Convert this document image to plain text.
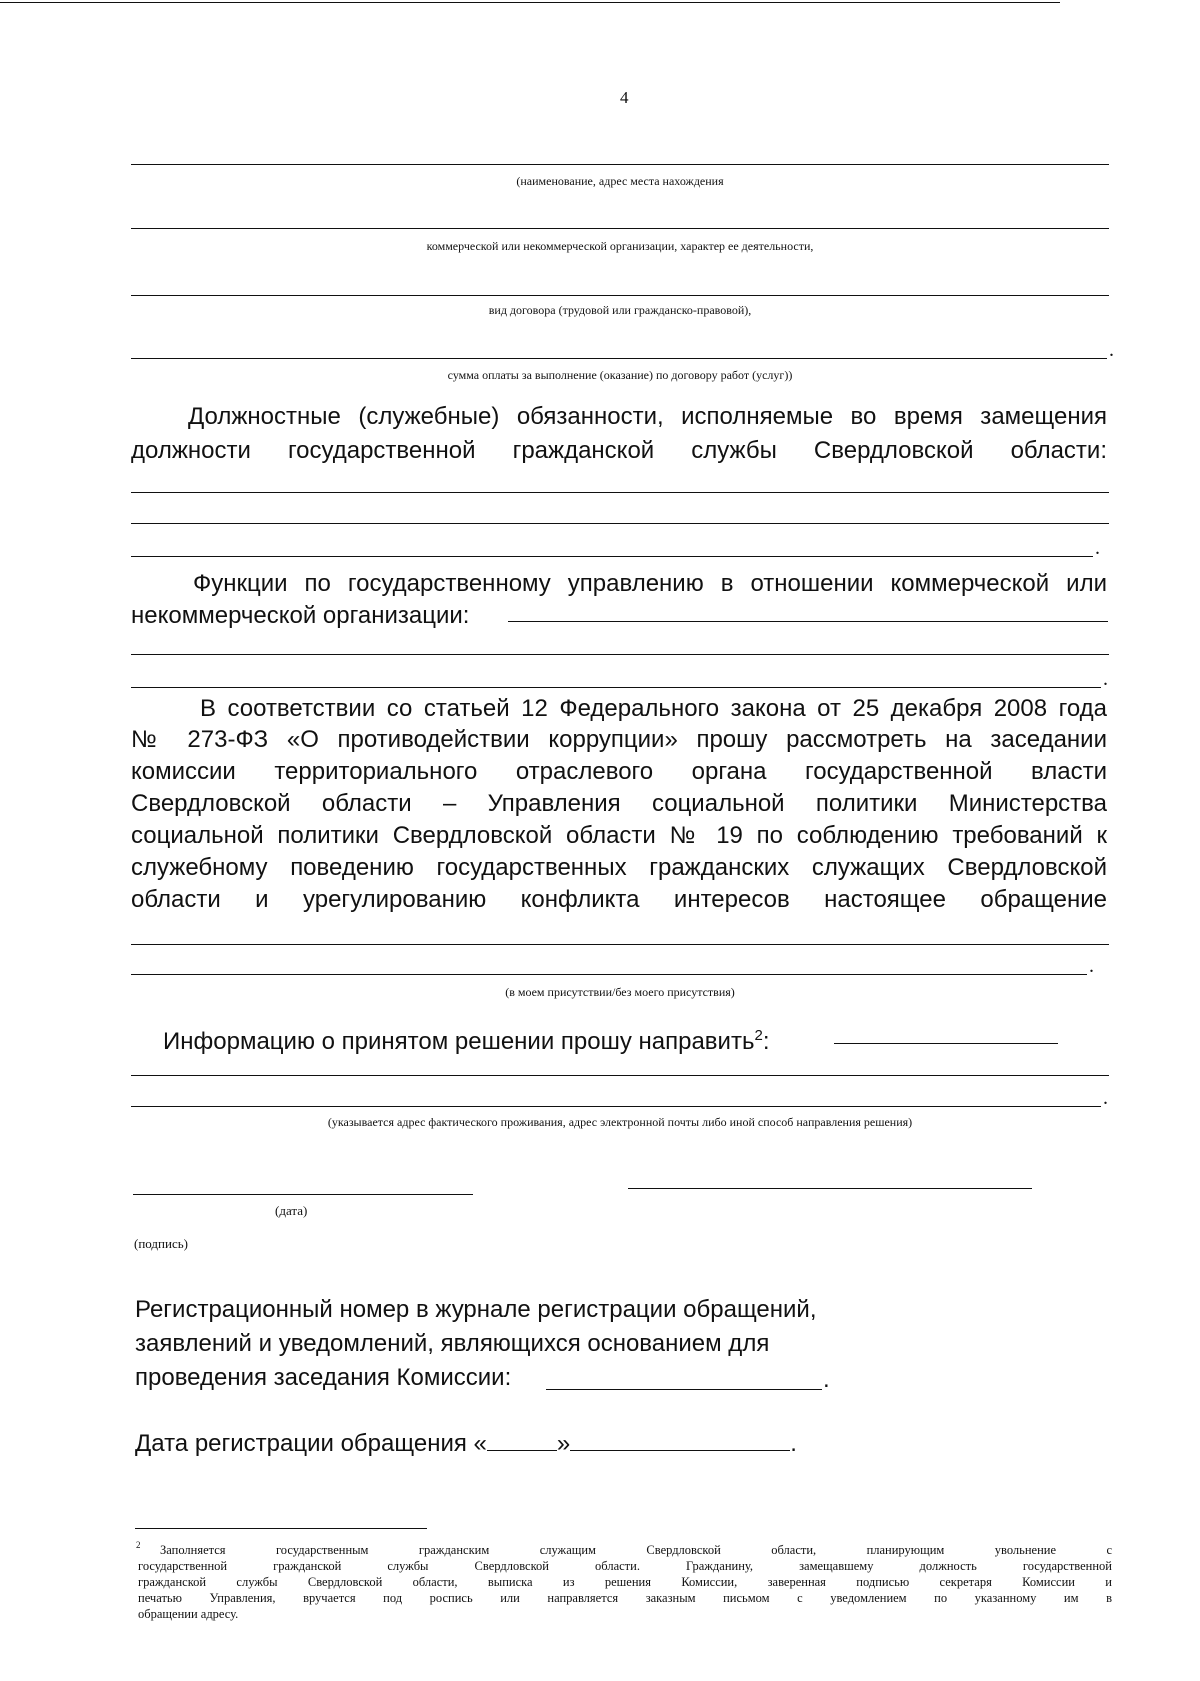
4
(наименование, адрес места нахождения
коммерческой или некоммерческой организации, характер ее деятельности,
вид договора (трудовой или гражданско-правовой),
.
сумма оплаты за выполнение (оказание) по договору работ (услуг))
Должностные (служебные) обязанности, исполняемые во время замещения
должности государственной гражданской службы Свердловской области:
.
Функции по государственному управлению в отношении коммерческой или
некоммерческой организации:
.
В соответствии со статьей 12 Федерального закона от 25 декабря 2008 года
№ 273-ФЗ «О противодействии коррупции» прошу рассмотреть на заседании
комиссии территориального отраслевого органа государственной власти
Свердловской области – Управления социальной политики Министерства
социальной политики Свердловской области № 19 по соблюдению требований к
служебному поведению государственных гражданских служащих Свердловской
области и урегулированию конфликта интересов настоящее обращение
.
(в моем присутствии/без моего присутствия)
Информацию о принятом решении прошу направить$^2$:
.
(указывается адрес фактического проживания, адрес электронной почты либо иной способ направления решения)
(дата)
(подпись)
Регистрационный номер в журнале регистрации обращений,
заявлений и уведомлений, являющихся основанием для
проведения заседания Комиссии:	.
Дата регистрации обращения «	»	.
2	Заполняется государственным гражданским служащим Свердловской области, планирующим увольнение с
государственной гражданской службы Свердловской области. Гражданину, замещавшему должность государственной
гражданской службы Свердловской области, выписка из решения Комиссии, заверенная подписью секретаря Комиссии и
печатью Управления, вручается под роспись или направляется заказным письмом с уведомлением по указанному им в
обращении адресу.
